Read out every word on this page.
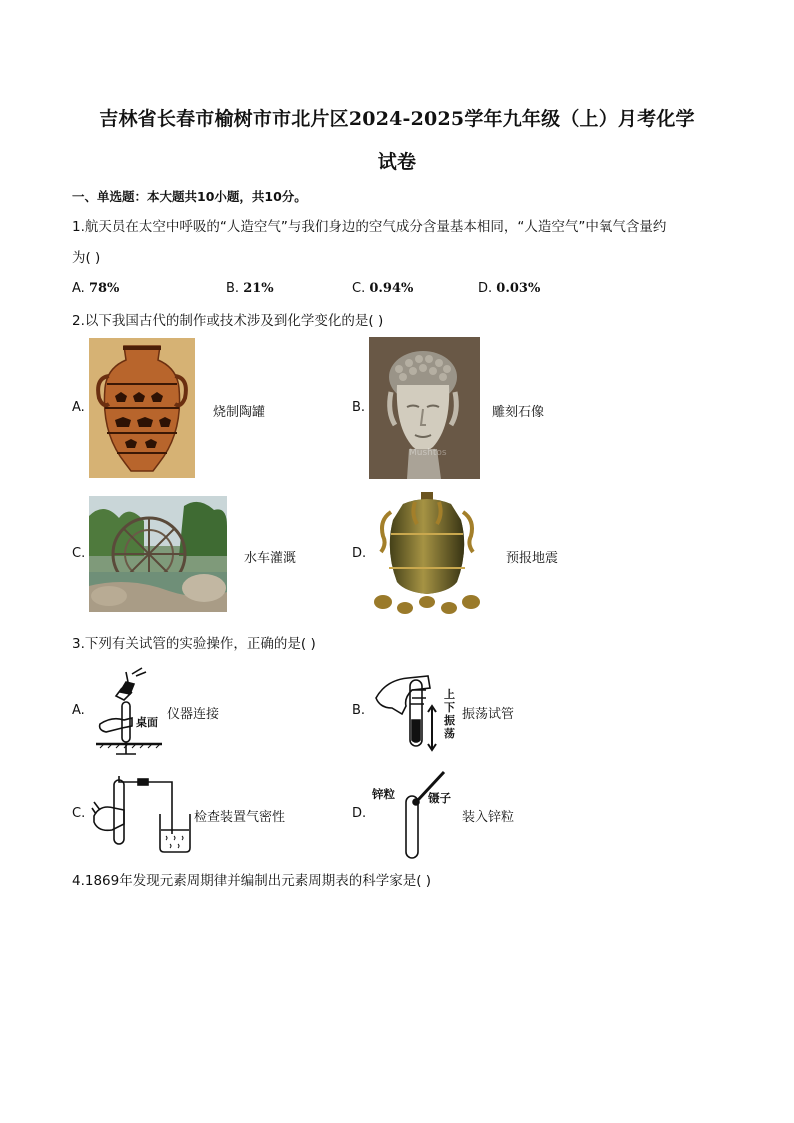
吉林省长春市榆树市市北片区2024-2025学年九年级（上）月考化学
试卷
一、单选题：本大题共10小题，共10分。
1.航天员在太空中呼吸的“人造空气”与我们身边的空气成分含量基本相同，“人造空气”中氧气含量约
为( )
A. 78%	B. 21%	C. 0.94%	D. 0.03%
2.以下我国古代的制作或技术涉及到化学变化的是( )
A.	烧制陶罐	B.
Mushtos
雕刻石像
C.	水车灌溉	D.	预报地震
3.下列有关试管的实验操作，正确的是( )
A.
桌面
仪器连接	B.
上
下
振
荡
振荡试管
C.	检查装置气密性	D.
锌粒	镊子
装入锌粒
4.1869年发现元素周期律并编制出元素周期表的科学家是( )
